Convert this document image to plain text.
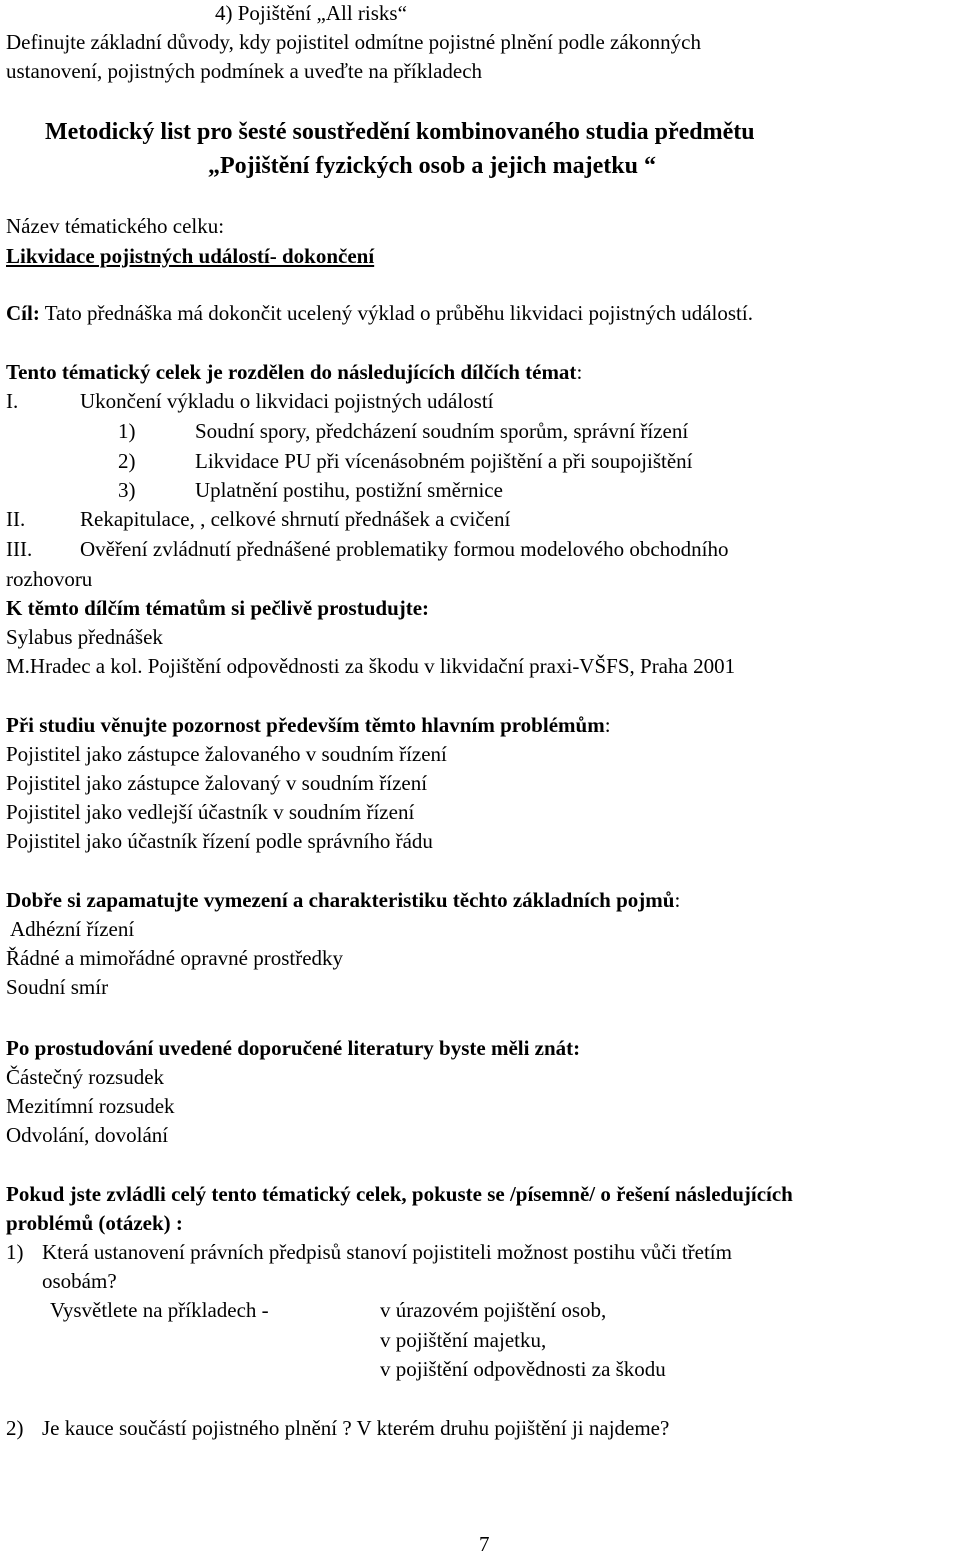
4) Pojištění „All risks“
Definujte základní důvody, kdy pojistitel odmítne pojistné plnění podle zákonných
ustanovení, pojistných podmínek a uveďte na příkladech
Metodický list pro šesté soustředění kombinovaného studia předmětu
„Pojištění fyzických osob a jejich majetku “
Název tématického celku:
Likvidace pojistných událostí- dokončení
Cíl: Tato přednáška má dokončit ucelený výklad o průběhu likvidaci pojistných událostí.
Tento tématický celek je rozdělen do následujících dílčích témat:
I.	Ukončení výkladu o likvidaci pojistných událostí
1)	Soudní spory, předcházení soudním sporům, správní řízení
2)	Likvidace PU při vícenásobném pojištění a při soupojištění
3)	Uplatnění postihu, postižní směrnice
II.	Rekapitulace, , celkové shrnutí přednášek a cvičení
III. Ověření zvládnutí přednášené problematiky formou modelového obchodního
rozhovoru
K těmto dílčím tématům si pečlivě prostudujte:
Sylabus přednášek
M.Hradec a kol. Pojištění odpovědnosti za škodu v likvidační praxi-VŠFS, Praha 2001
Při studiu věnujte pozornost především těmto hlavním problémům:
Pojistitel jako zástupce žalovaného v soudním řízení
Pojistitel jako zástupce žalovaný v soudním řízení
Pojistitel jako vedlejší účastník v soudním řízení
Pojistitel jako účastník řízení podle správního řádu
Dobře si zapamatujte vymezení a charakteristiku těchto základních pojmů:
Adhézní řízení
Řádné a mimořádné opravné prostředky
Soudní smír
Po prostudování uvedené doporučené literatury byste měli znát:
Částečný rozsudek
Mezitímní rozsudek
Odvolání, dovolání
Pokud jste zvládli celý tento tématický celek, pokuste se /písemně/ o řešení následujících
problémů (otázek) :
1) Která ustanovení právních předpisů stanoví pojistiteli možnost postihu vůči třetím
osobám?
Vysvětlete na příkladech -	v úrazovém pojištění osob,
v pojištění majetku,
v pojištění odpovědnosti za škodu
2) Je kauce součástí pojistného plnění ? V kterém druhu pojištění ji najdeme?
7
